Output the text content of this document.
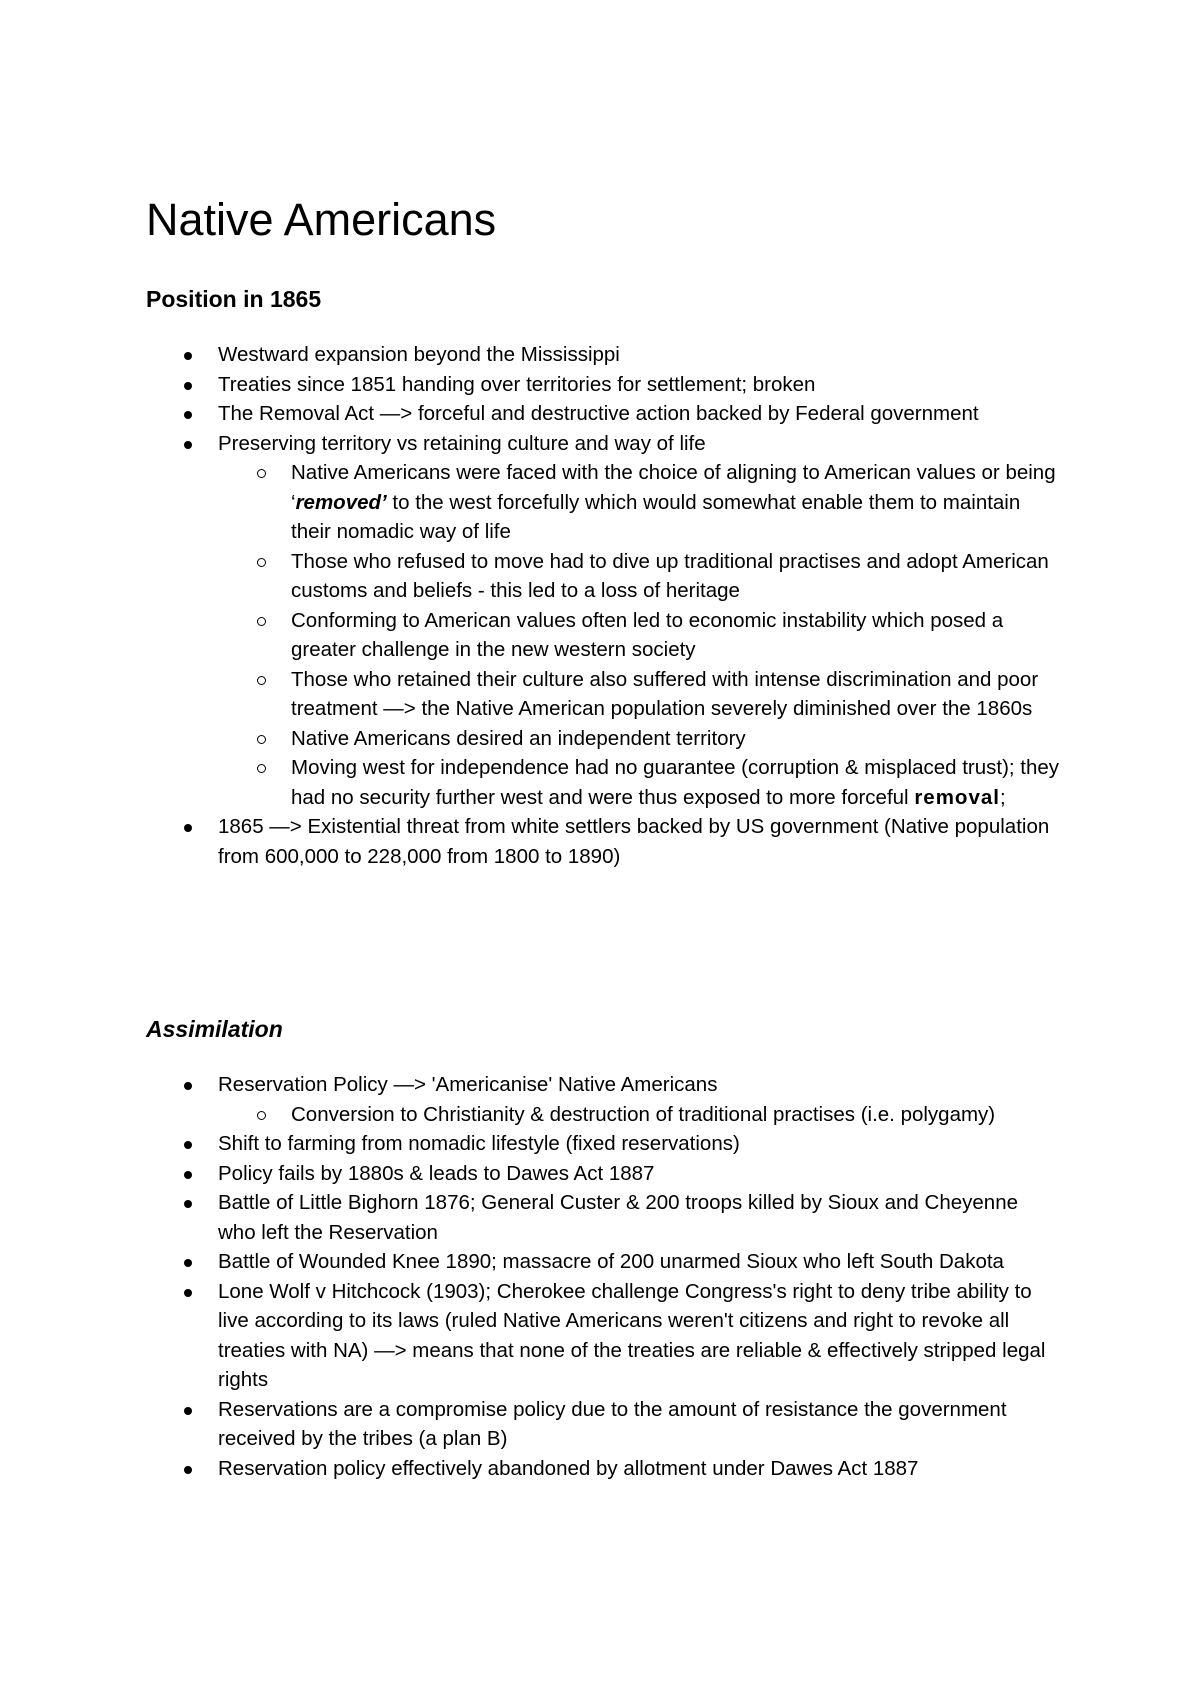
Native Americans
Position in 1865
Westward expansion beyond the Mississippi
Treaties since 1851 handing over territories for settlement; broken
The Removal Act —> forceful and destructive action backed by Federal government
Preserving territory vs retaining culture and way of life
Native Americans were faced with the choice of aligning to American values or being ‘removed’ to the west forcefully which would somewhat enable them to maintain their nomadic way of life
Those who refused to move had to dive up traditional practises and adopt American customs and beliefs - this led to a loss of heritage
Conforming to American values often led to economic instability which posed a greater challenge in the new western society
Those who retained their culture also suffered with intense discrimination and poor treatment —> the Native American population severely diminished over the 1860s
Native Americans desired an independent territory
Moving west for independence had no guarantee (corruption & misplaced trust); they had no security further west and were thus exposed to more forceful removal;
1865 —> Existential threat from white settlers backed by US government (Native population from 600,000 to 228,000 from 1800 to 1890)
Assimilation
Reservation Policy —> 'Americanise' Native Americans
Conversion to Christianity & destruction of traditional practises (i.e. polygamy)
Shift to farming from nomadic lifestyle (fixed reservations)
Policy fails by 1880s & leads to Dawes Act 1887
Battle of Little Bighorn 1876; General Custer & 200 troops killed by Sioux and Cheyenne who left the Reservation
Battle of Wounded Knee 1890; massacre of 200 unarmed Sioux who left South Dakota
Lone Wolf v Hitchcock (1903); Cherokee challenge Congress's right to deny tribe ability to live according to its laws (ruled Native Americans weren't citizens and right to revoke all treaties with NA) —> means that none of the treaties are reliable & effectively stripped legal rights
Reservations are a compromise policy due to the amount of resistance the government received by the tribes (a plan B)
Reservation policy effectively abandoned by allotment under Dawes Act 1887
